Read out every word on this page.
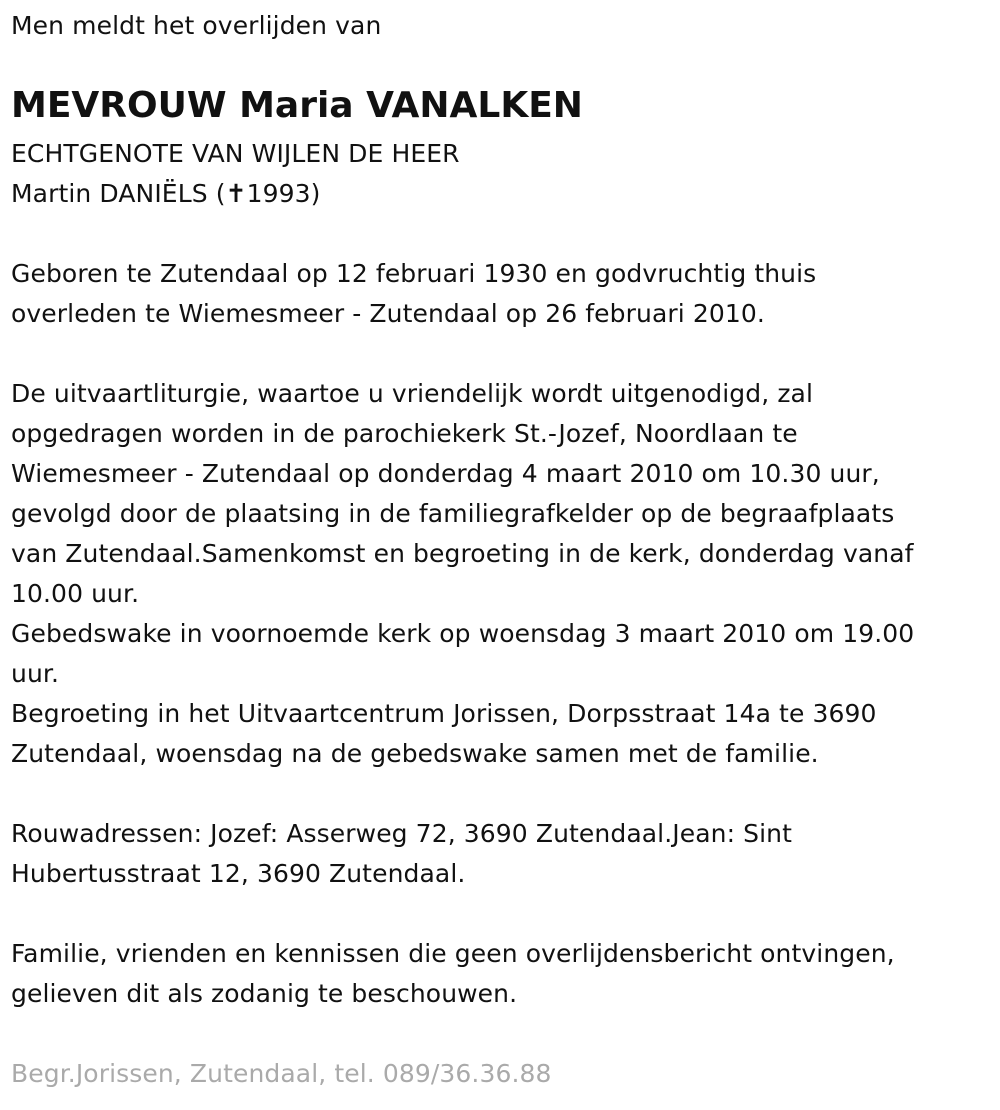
Men meldt het overlijden van
MEVROUW Maria VANALKEN
ECHTGENOTE VAN WIJLEN DE HEER
Martin DANIËLS (✝1993)
Geboren te Zutendaal op 12 februari 1930 en godvruchtig thuis
overleden te Wiemesmeer - Zutendaal op 26 februari 2010.
De uitvaartliturgie, waartoe u vriendelijk wordt uitgenodigd, zal
opgedragen worden in de parochiekerk St.-Jozef, Noordlaan te
Wiemesmeer - Zutendaal op donderdag 4 maart 2010 om 10.30 uur,
gevolgd door de plaatsing in de familiegrafkelder op de begraafplaats
van Zutendaal.Samenkomst en begroeting in de kerk, donderdag vanaf
10.00 uur.
Gebedswake in voornoemde kerk op woensdag 3 maart 2010 om 19.00
uur.
Begroeting in het Uitvaartcentrum Jorissen, Dorpsstraat 14a te 3690
Zutendaal, woensdag na de gebedswake samen met de familie.
Rouwadressen: Jozef: Asserweg 72, 3690 Zutendaal.Jean: Sint
Hubertusstraat 12, 3690 Zutendaal.
Familie, vrienden en kennissen die geen overlijdensbericht ontvingen,
gelieven dit als zodanig te beschouwen.
Begr.Jorissen, Zutendaal, tel. 089/36.36.88
